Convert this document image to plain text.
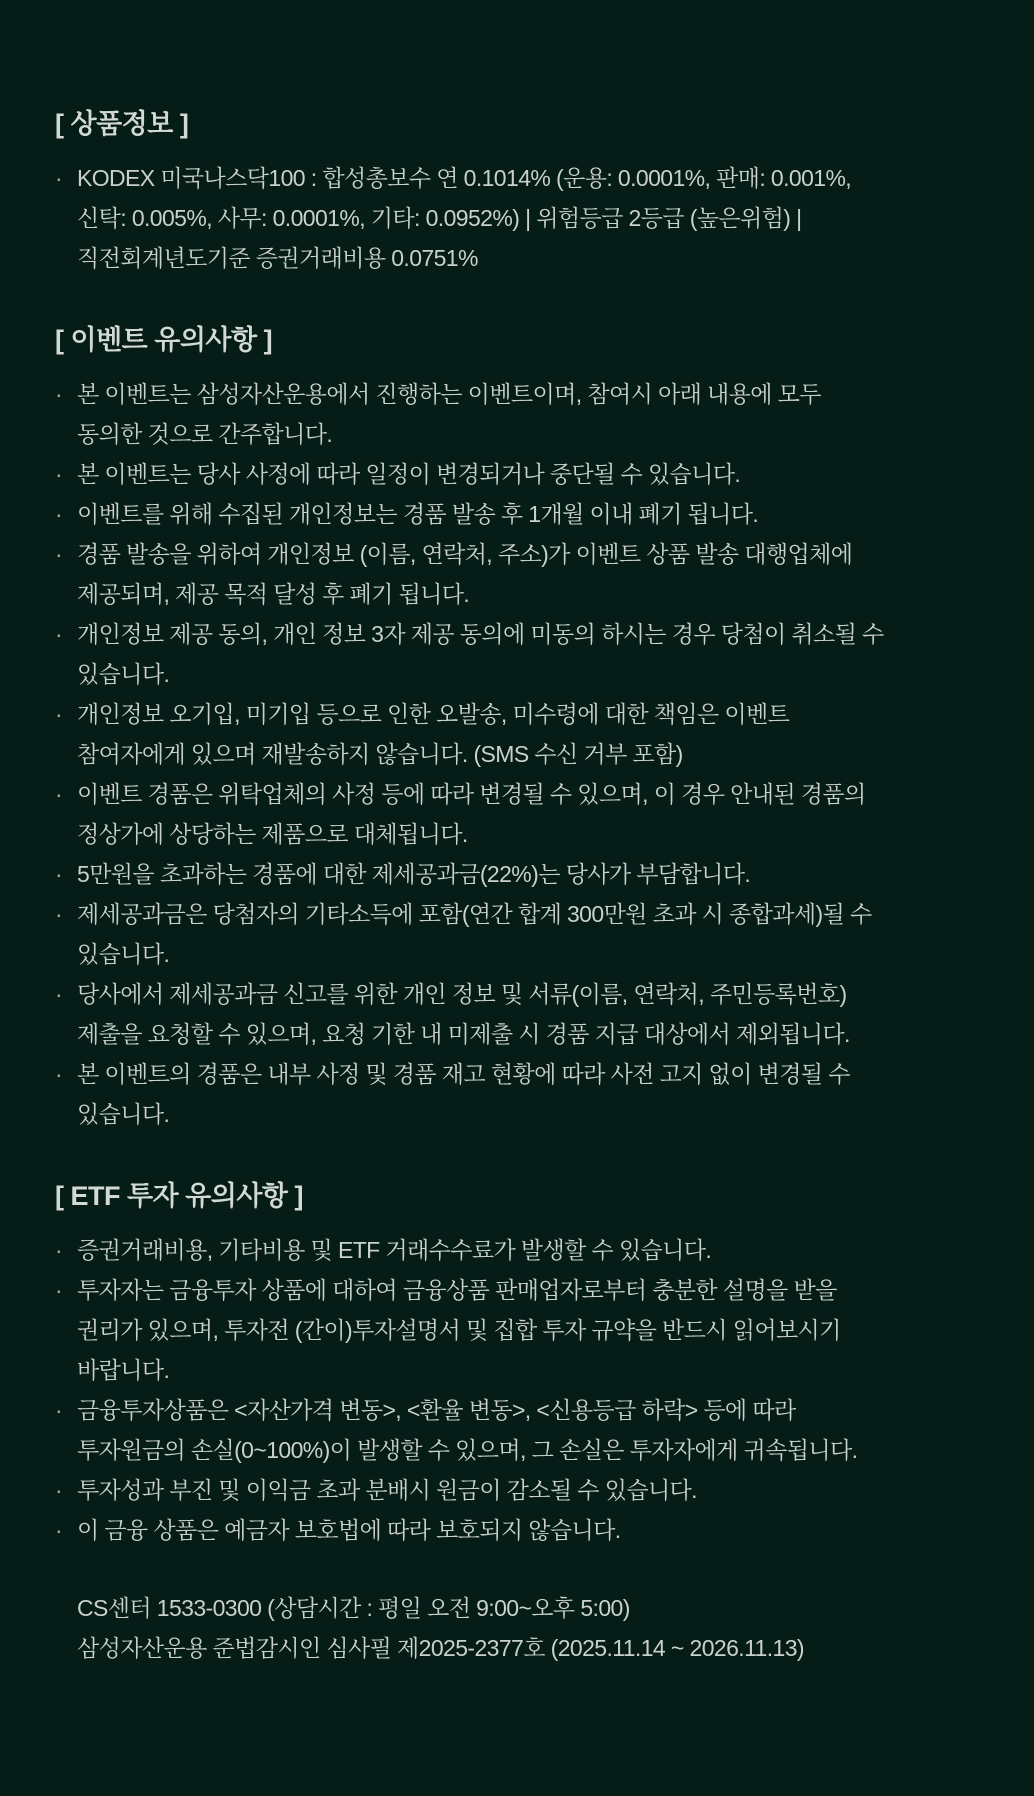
[ 상품정보 ]
· KODEX 미국나스닥100 : 합성총보수 연 0.1014% (운용: 0.0001%, 판매: 0.001%,
신탁: 0.005%, 사무: 0.0001%, 기타: 0.0952%) | 위험등급 2등급 (높은위험) |
직전회계년도기준 증권거래비용 0.0751%
[ 이벤트 유의사항 ]
· 본 이벤트는 삼성자산운용에서 진행하는 이벤트이며, 참여시 아래 내용에 모두
동의한 것으로 간주합니다.
· 본 이벤트는 당사 사정에 따라 일정이 변경되거나 중단될 수 있습니다.
· 이벤트를 위해 수집된 개인정보는 경품 발송 후 1개월 이내 폐기 됩니다.
· 경품 발송을 위하여 개인정보 (이름, 연락처, 주소)가 이벤트 상품 발송 대행업체에
제공되며, 제공 목적 달성 후 폐기 됩니다.
· 개인정보 제공 동의, 개인 정보 3자 제공 동의에 미동의 하시는 경우 당첨이 취소될 수
있습니다.
· 개인정보 오기입, 미기입 등으로 인한 오발송, 미수령에 대한 책임은 이벤트
참여자에게 있으며 재발송하지 않습니다. (SMS 수신 거부 포함)
· 이벤트 경품은 위탁업체의 사정 등에 따라 변경될 수 있으며, 이 경우 안내된 경품의
정상가에 상당하는 제품으로 대체됩니다.
· 5만원을 초과하는 경품에 대한 제세공과금(22%)는 당사가 부담합니다.
· 제세공과금은 당첨자의 기타소득에 포함(연간 합계 300만원 초과 시 종합과세)될 수
있습니다.
· 당사에서 제세공과금 신고를 위한 개인 정보 및 서류(이름, 연락처, 주민등록번호)
제출을 요청할 수 있으며, 요청 기한 내 미제출 시 경품 지급 대상에서 제외됩니다.
· 본 이벤트의 경품은 내부 사정 및 경품 재고 현황에 따라 사전 고지 없이 변경될 수
있습니다.
[ ETF 투자 유의사항 ]
· 증권거래비용, 기타비용 및 ETF 거래수수료가 발생할 수 있습니다.
· 투자자는 금융투자 상품에 대하여 금융상품 판매업자로부터 충분한 설명을 받을
권리가 있으며, 투자전 (간이)투자설명서 및 집합 투자 규약을 반드시 읽어보시기
바랍니다.
· 금융투자상품은 <자산가격 변동>, <환율 변동>, <신용등급 하락> 등에 따라
투자원금의 손실(0~100%)이 발생할 수 있으며, 그 손실은 투자자에게 귀속됩니다.
· 투자성과 부진 및 이익금 초과 분배시 원금이 감소될 수 있습니다.
· 이 금융 상품은 예금자 보호법에 따라 보호되지 않습니다.
CS센터 1533-0300 (상담시간 : 평일 오전 9:00~오후 5:00)
삼성자산운용 준법감시인 심사필 제2025-2377호 (2025.11.14 ~ 2026.11.13)
